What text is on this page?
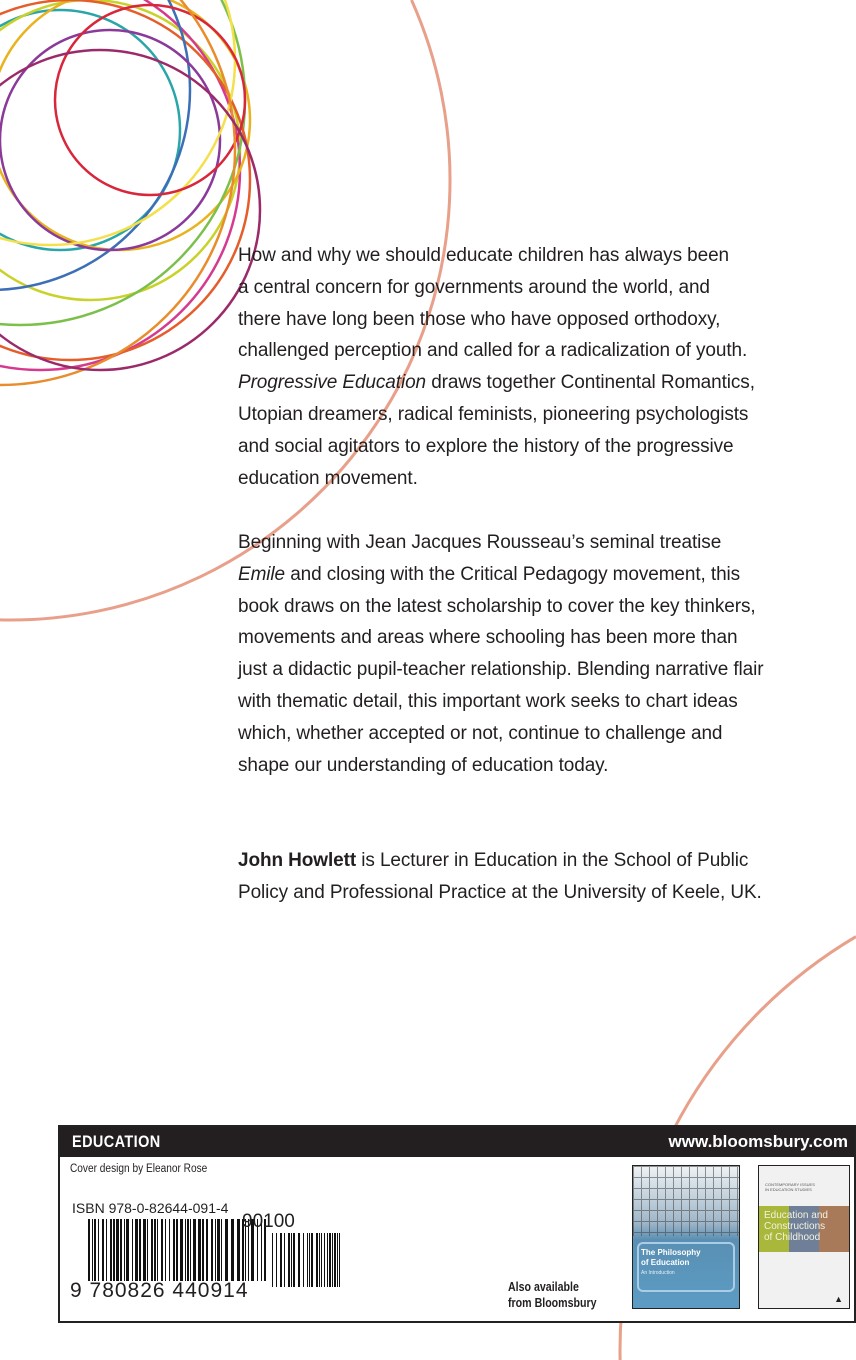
How and why we should educate children has always been
a central concern for governments around the world, and
there have long been those who have opposed orthodoxy,
challenged perception and called for a radicalization of youth.
Progressive Education draws together Continental Romantics,
Utopian dreamers, radical feminists, pioneering psychologists
and social agitators to explore the history of the progressive
education movement.
Beginning with Jean Jacques Rousseau’s seminal treatise
Emile and closing with the Critical Pedagogy movement, this
book draws on the latest scholarship to cover the key thinkers,
movements and areas where schooling has been more than
just a didactic pupil-teacher relationship. Blending narrative flair
with thematic detail, this important work seeks to chart ideas
which, whether accepted or not, continue to challenge and
shape our understanding of education today.
John Howlett is Lecturer in Education in the School of Public
Policy and Professional Practice at the University of Keele, UK.
EDUCATION	www.bloomsbury.com
Cover design by Eleanor Rose
ISBN 978-0-82644-091-4
9 780826 440914
90100
Also available
from Bloomsbury
The Philosophy
of Education
An Introduction
CONTEMPORARY ISSUES
IN EDUCATION STUDIES
Education and
Constructions
of Childhood
▲
